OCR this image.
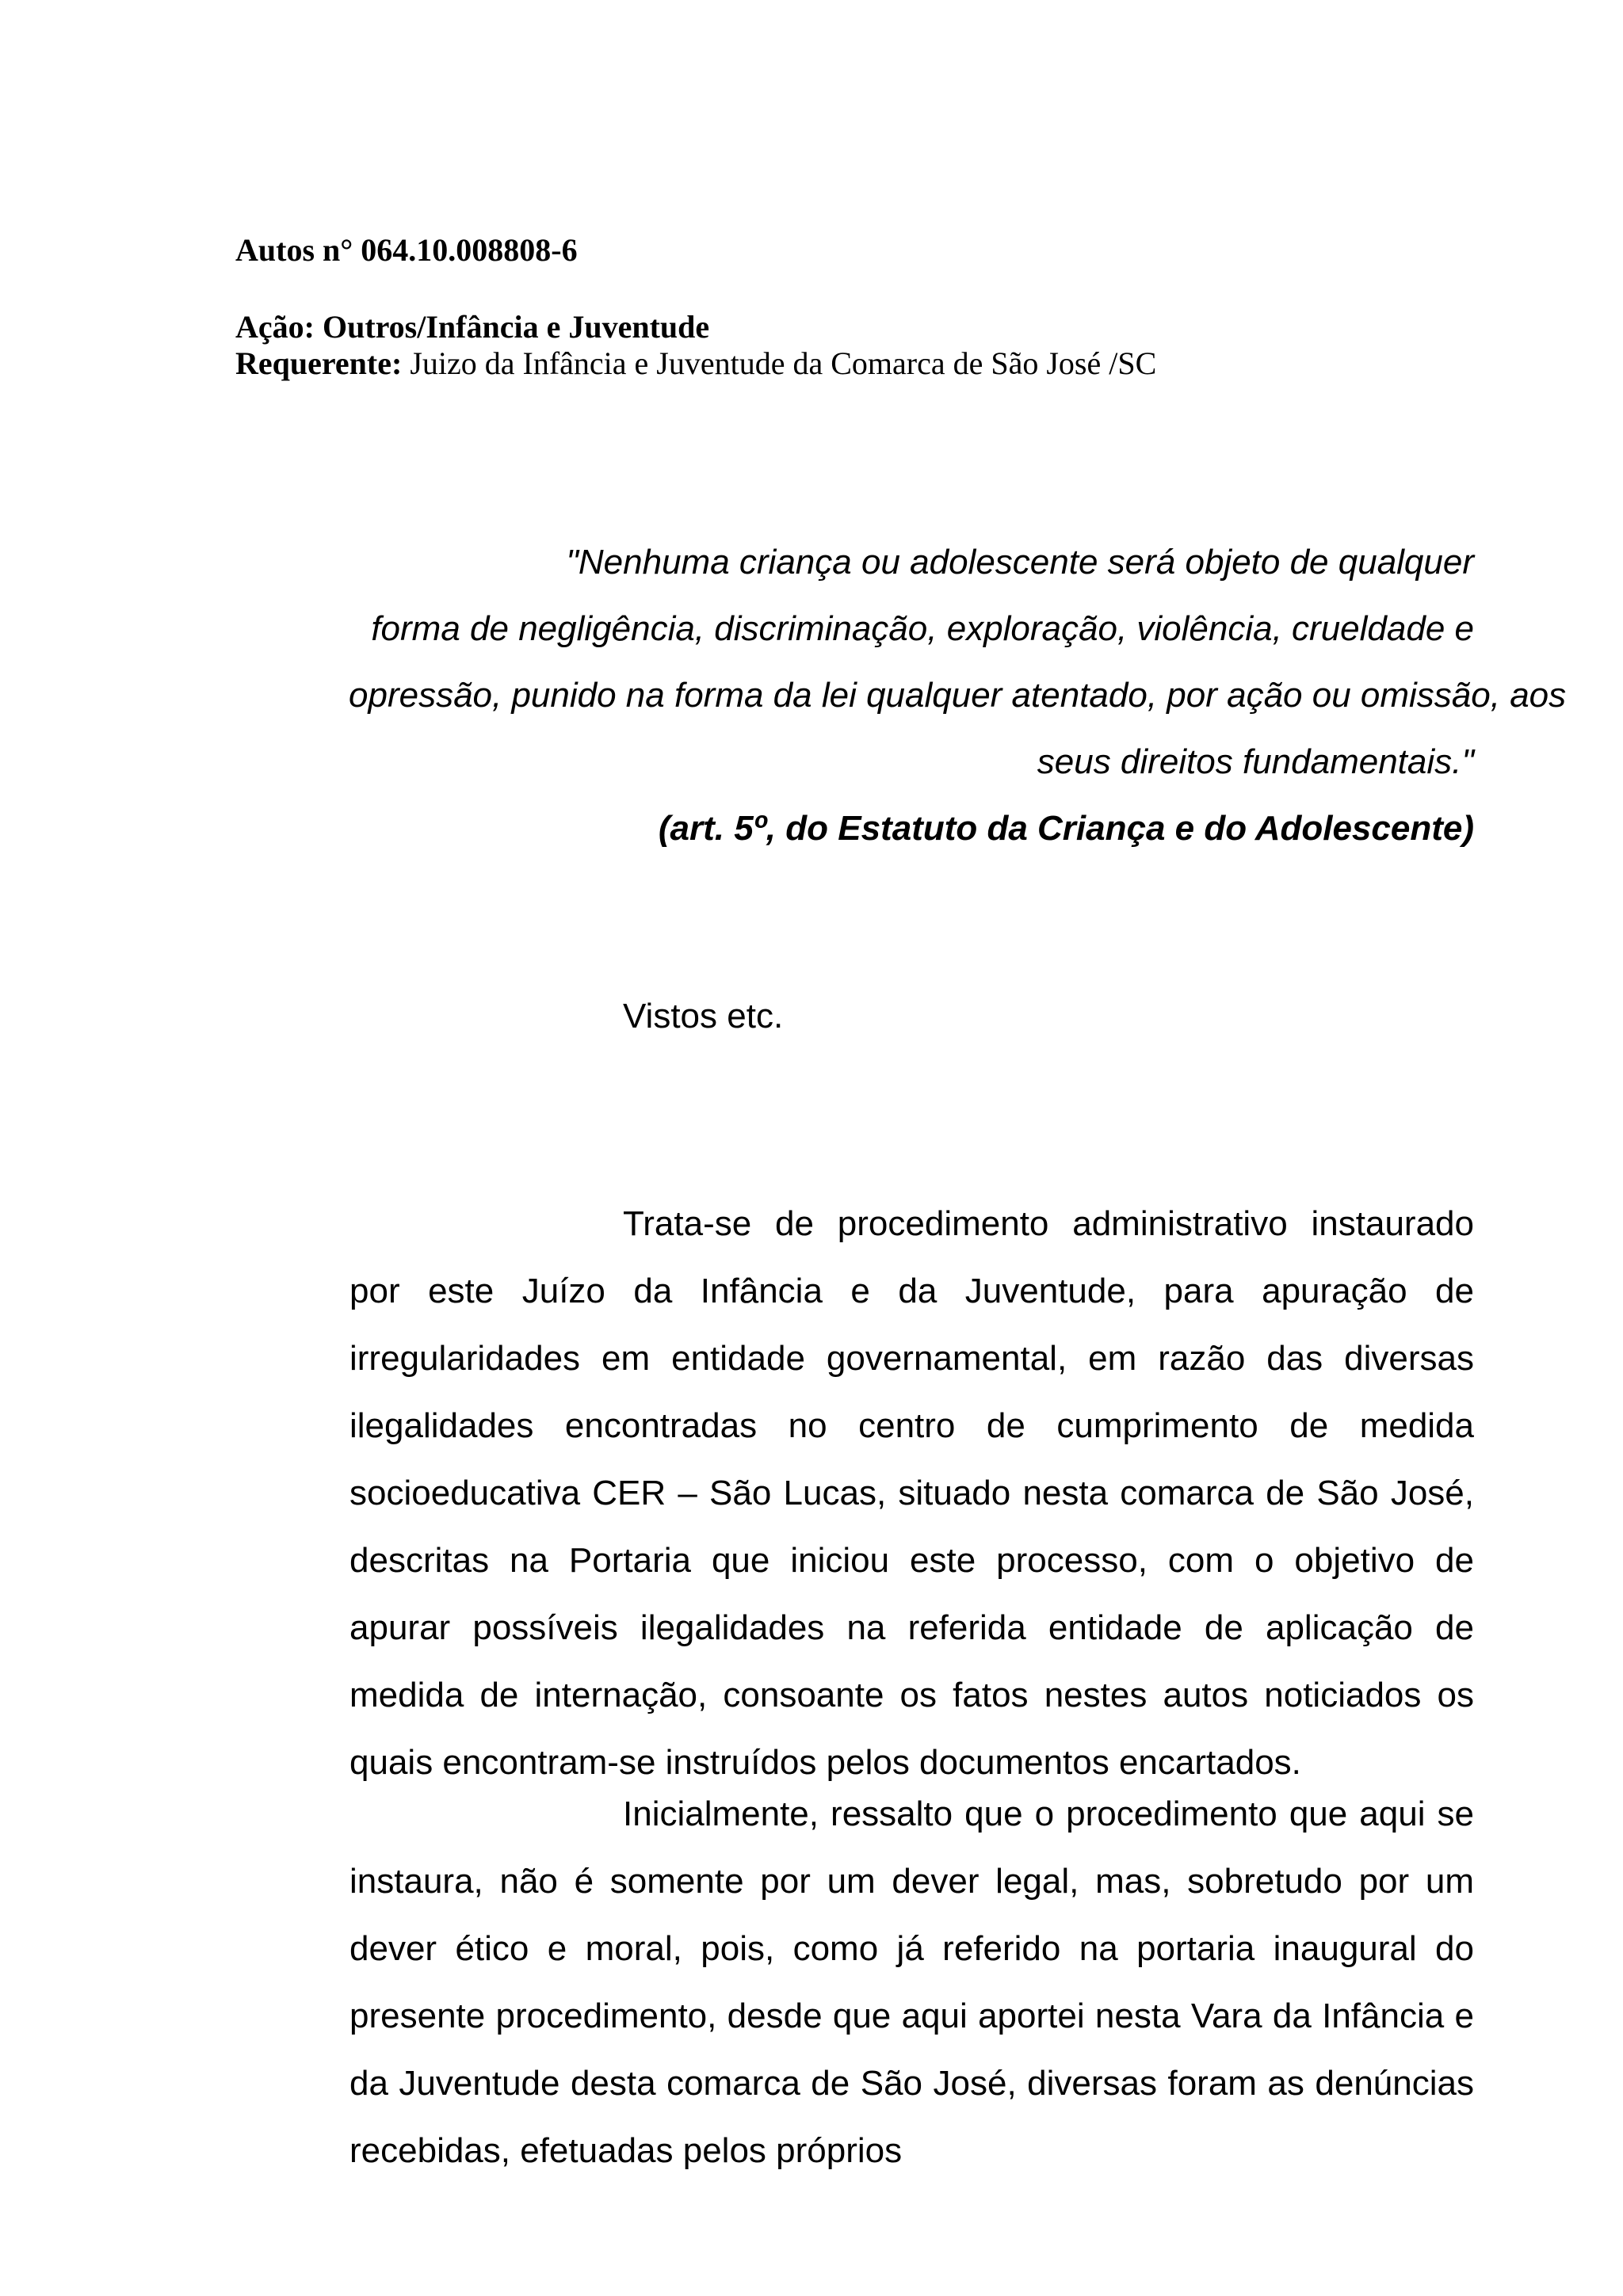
Autos n° 064.10.008808-6
Ação: Outros/Infância e Juventude
Requerente: Juizo da Infância e Juventude da Comarca de São José /SC
"Nenhuma criança ou adolescente será objeto de qualquer
forma de negligência, discriminação, exploração, violência, crueldade e
opressão, punido na forma da lei qualquer atentado, por ação ou omissão, aos
seus direitos fundamentais."
(art. 5º, do Estatuto da Criança e do Adolescente)
Vistos etc.

Trata-se de procedimento administrativo instaurado por este Juízo da Infância e da Juventude, para apuração de irregularidades em entidade governamental, em razão das diversas ilegalidades encontradas no centro de cumprimento de medida socioeducativa CER – São Lucas, situado nesta comarca de São José, descritas na Portaria que iniciou este processo, com o objetivo de apurar possíveis ilegalidades na referida entidade de aplicação de medida de internação, consoante os fatos nestes autos noticiados os quais encontram-se instruídos pelos documentos encartados.

Inicialmente, ressalto que o procedimento que aqui se instaura, não é somente por um dever legal, mas, sobretudo por um dever ético e moral, pois, como já referido na portaria inaugural do presente procedimento, desde que aqui aportei nesta Vara da Infância e da Juventude desta comarca de São José, diversas foram as denúncias recebidas, efetuadas pelos próprios
